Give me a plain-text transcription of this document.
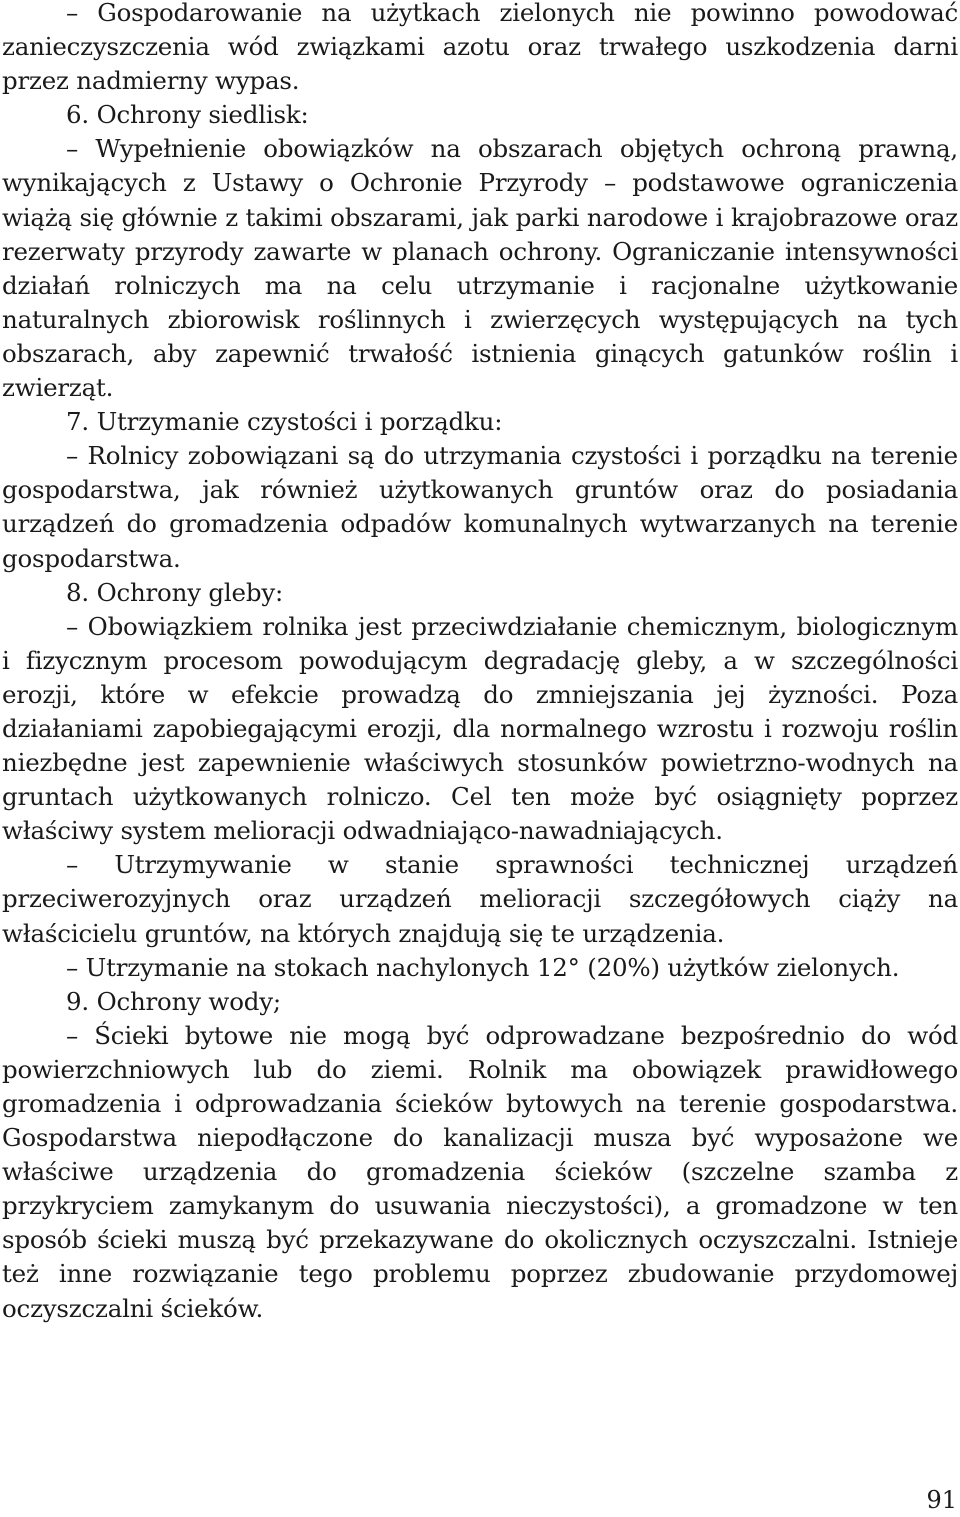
– Gospodarowanie na użytkach zielonych nie powinno powodować zanieczyszczenia wód związkami azotu oraz trwałego uszkodzenia darni przez nadmierny wypas.

6. Ochrony siedlisk:

– Wypełnienie obowiązków na obszarach objętych ochroną prawną, wynikających z Ustawy o Ochronie Przyrody – podstawowe ograniczenia wiążą się głównie z takimi obszarami, jak parki narodowe i krajobrazowe oraz rezerwaty przyrody zawarte w planach ochrony. Ograniczanie intensywności działań rolniczych ma na celu utrzymanie i racjonalne użytkowanie naturalnych zbiorowisk roślinnych i zwierzęcych występujących na tych obszarach, aby zapewnić trwałość istnienia ginących gatunków roślin i zwierząt.

7. Utrzymanie czystości i porządku:

– Rolnicy zobowiązani są do utrzymania czystości i porządku na terenie gospodarstwa, jak również użytkowanych gruntów oraz do posiadania urządzeń do gromadzenia odpadów komunalnych wytwarzanych na terenie gospodarstwa.

8. Ochrony gleby:

– Obowiązkiem rolnika jest przeciwdziałanie chemicznym, biologicznym i fizycznym procesom powodującym degradację gleby, a w szczególności erozji, które w efekcie prowadzą do zmniejszania jej żyzności. Poza działaniami zapobiegającymi erozji, dla normalnego wzrostu i rozwoju roślin niezbędne jest zapewnienie właściwych stosunków powietrzno-wodnych na gruntach użytkowanych rolniczo. Cel ten może być osiągnięty poprzez właściwy system melioracji odwadniająco-nawadniających.

– Utrzymywanie w stanie sprawności technicznej urządzeń przeciwerozyjnych oraz urządzeń melioracji szczegółowych ciąży na właścicielu gruntów, na których znajdują się te urządzenia.

– Utrzymanie na stokach nachylonych 12° (20%) użytków zielonych.

9. Ochrony wody;

– Ścieki bytowe nie mogą być odprowadzane bezpośrednio do wód powierzchniowych lub do ziemi. Rolnik ma obowiązek prawidłowego gromadzenia i odprowadzania ścieków bytowych na terenie gospodarstwa. Gospodarstwa niepodłączone do kanalizacji musza być wyposażone we właściwe urządzenia do gromadzenia ścieków (szczelne szamba z przykryciem zamykanym do usuwania nieczystości), a gromadzone w ten sposób ścieki muszą być przekazywane do okolicznych oczyszczalni. Istnieje też inne rozwiązanie tego problemu poprzez zbudowanie przydomowej oczyszczalni ścieków.

91
